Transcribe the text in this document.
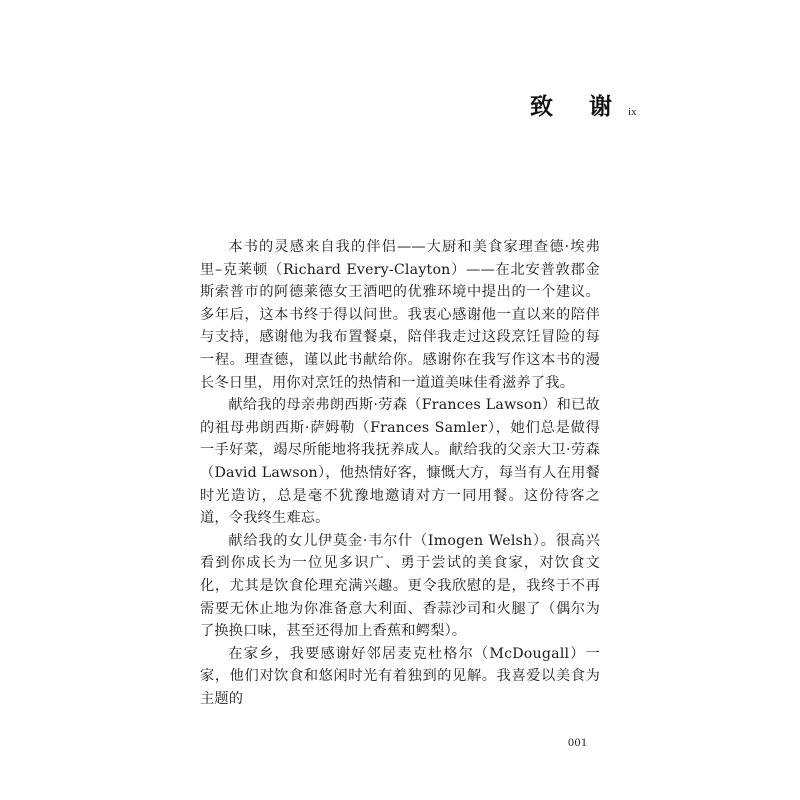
致 谢 ix

本书的灵感来自我的伴侣——大厨和美食家理查德·埃弗里–克莱顿（Richard Every-Clayton）——在北安普敦郡金斯索普市的阿德莱德女王酒吧的优雅环境中提出的一个建议。多年后，这本书终于得以问世。我衷心感谢他一直以来的陪伴与支持，感谢他为我布置餐桌，陪伴我走过这段烹饪冒险的每一程。理查德，谨以此书献给你。感谢你在我写作这本书的漫长冬日里，用你对烹饪的热情和一道道美味佳肴滋养了我。

献给我的母亲弗朗西斯·劳森（Frances Lawson）和已故的祖母弗朗西斯·萨姆勒（Frances Samler），她们总是做得一手好菜，竭尽所能地将我抚养成人。献给我的父亲大卫·劳森（David Lawson），他热情好客，慷慨大方，每当有人在用餐时光造访，总是毫不犹豫地邀请对方一同用餐。这份待客之道，令我终生难忘。

献给我的女儿伊莫金·韦尔什（Imogen Welsh）。很高兴看到你成长为一位见多识广、勇于尝试的美食家，对饮食文化，尤其是饮食伦理充满兴趣。更令我欣慰的是，我终于不再需要无休止地为你准备意大利面、香蒜沙司和火腿了（偶尔为了换换口味，甚至还得加上香蕉和鳄梨）。

在家乡，我要感谢好邻居麦克杜格尔（McDougall）一家，他们对饮食和悠闲时光有着独到的见解。我喜爱以美食为主题的

001
